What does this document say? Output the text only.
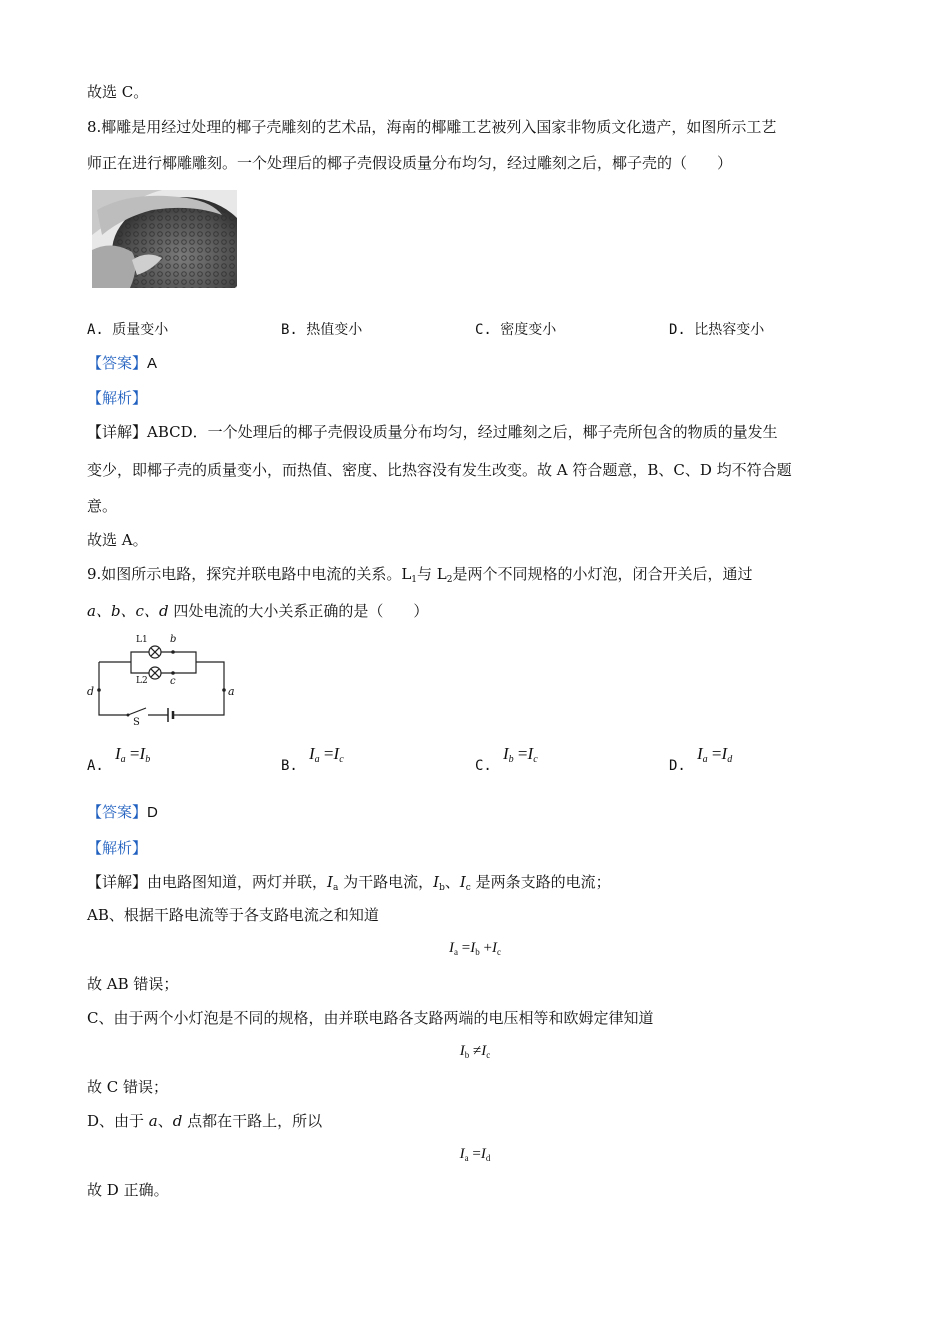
故选 C。
8.椰雕是用经过处理的椰子壳雕刻的艺术品，海南的椰雕工艺被列入国家非物质文化遗产，如图所示工艺
师正在进行椰雕雕刻。一个处理后的椰子壳假设质量分布均匀，经过雕刻之后，椰子壳的（　　）
A. 质量变小	B. 热值变小	C. 密度变小	D. 比热容变小
【答案】A
【解析】
【详解】ABCD．一个处理后的椰子壳假设质量分布均匀，经过雕刻之后，椰子壳所包含的物质的量发生
变少，即椰子壳的质量变小，而热值、密度、比热容没有发生改变。故 A 符合题意，B、C、D 均不符合题
意。
故选 A。
9.如图所示电路，探究并联电路中电流的关系。$L_1$与 $L_2$是两个不同规格的小灯泡，闭合开关后，通过
a、b、c、d 四处电流的大小关系正确的是（　　）
L1 b
L2 c
d	a
S
A.
$I_a =I_b$	B.
$I_a =I_c$	C.
$I_b =I_c$	D.
$I_a =I_d$
【答案】D
【解析】
【详解】由电路图知道，两灯并联，$I_a$ 为干路电流，$I_b$、$I_c$ 是两条支路的电流；
AB、根据干路电流等于各支路电流之和知道
$I_a =I_b +I_c$
故 AB 错误；
C、由于两个小灯泡是不同的规格，由并联电路各支路两端的电压相等和欧姆定律知道
$I_b \ne I_c$
故 C 错误；
D、由于 a、d 点都在干路上，所以
$I_a =I_d$
故 D 正确。
